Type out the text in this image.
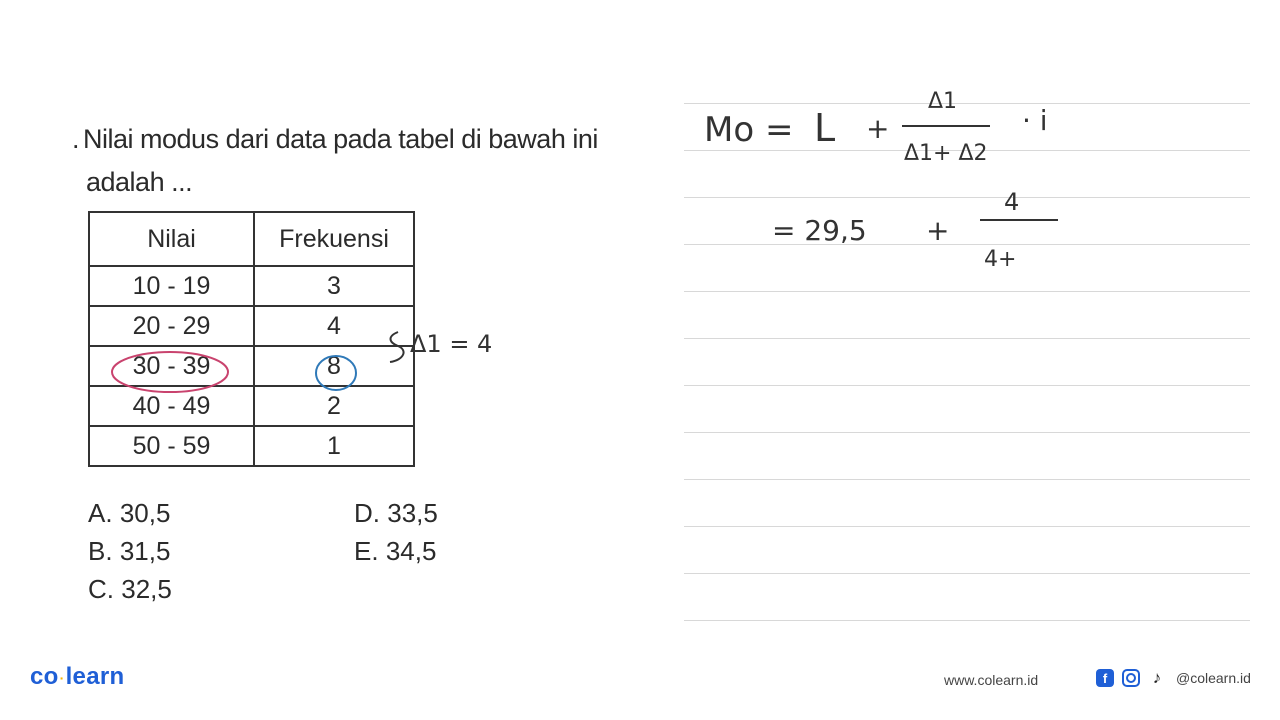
. Nilai modus dari data pada tabel di bawah ini
adalah ...
Nilai	Frekuensi
10 - 19	3
20 - 29	4
30 - 39	8
40 - 49	2
50 - 59	1
A. 30,5
B. 31,5
C. 32,5
D. 33,5
E. 34,5
Δ1 = 4
Mo = L +
Δ1
Δ1+ Δ2
· i
= 29,5 +
4
4+
co·learn	www.colearn.id	f	♪	@colearn.id
